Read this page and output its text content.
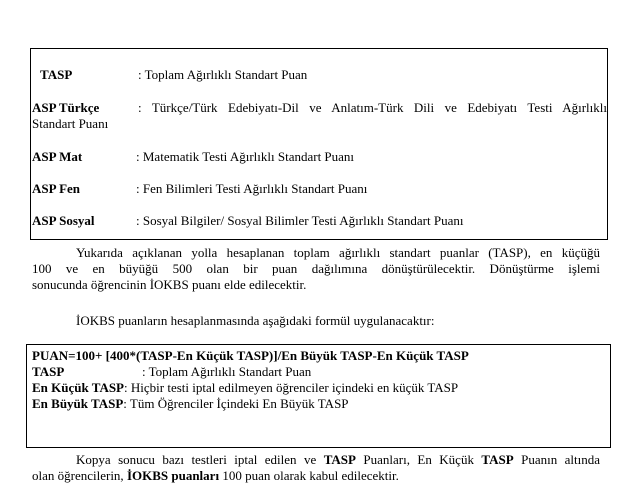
TASP	: Toplam Ağırlıklı Standart Puan
ASP Türkçe	: Türkçe/Türk Edebiyatı-Dil ve Anlatım-Türk Dili ve Edebiyatı Testi Ağırlıklı
Standart Puanı
ASP Mat	: Matematik Testi Ağırlıklı Standart Puanı
ASP Fen	: Fen Bilimleri Testi Ağırlıklı Standart Puanı
ASP Sosyal	: Sosyal Bilgiler/ Sosyal Bilimler Testi Ağırlıklı Standart Puanı

Yukarıda açıklanan yolla hesaplanan toplam ağırlıklı standart puanlar (TASP), en küçüğü

100 ve en büyüğü 500 olan bir puan dağılımına dönüştürülecektir. Dönüştürme işlemi

sonucunda öğrencinin İOKBS puanı elde edilecektir.

İOKBS puanların hesaplanmasında aşağıdaki formül uygulanacaktır:
PUAN=100+ [400*(TASP-En Küçük TASP)]/En Büyük TASP-En Küçük TASP
TASP	: Toplam Ağırlıklı Standart Puan
En Küçük TASP: Hiçbir testi iptal edilmeyen öğrenciler içindeki en küçük TASP
En Büyük TASP: Tüm Öğrenciler İçindeki En Büyük TASP

Kopya sonucu bazı testleri iptal edilen ve TASP Puanları, En Küçük TASP Puanın altında

olan öğrencilerin, İOKBS puanları 100 puan olarak kabul edilecektir.
